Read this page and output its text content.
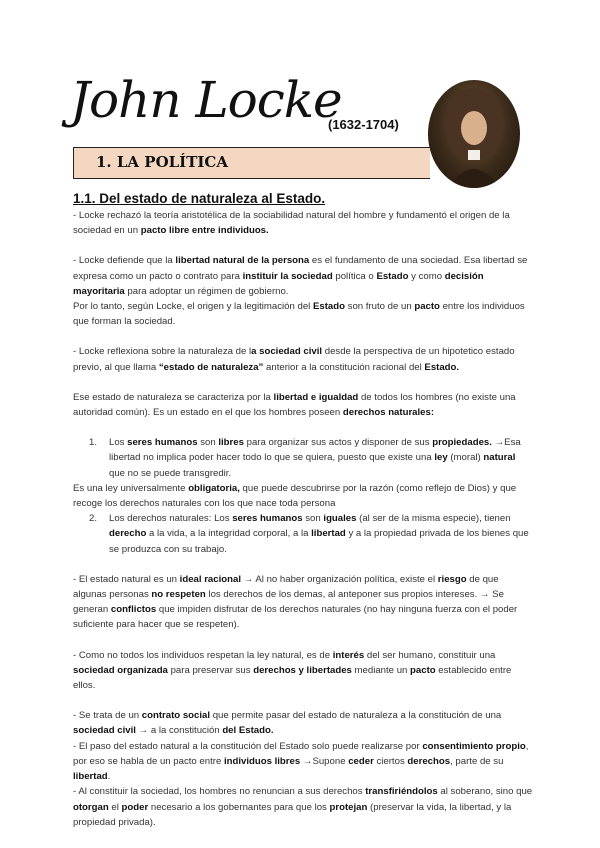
John Locke
(1632-1704)
1. LA POLÍTICA
1.1. Del estado de naturaleza al Estado.

- Locke rechazó la teoría aristotélica de la sociabilidad natural del hombre y fundamentó el origen de la sociedad en un pacto libre entre individuos.

- Locke defiende que la libertad natural de la persona es el fundamento de una sociedad. Esa libertad se expresa como un pacto o contrato para instituir la sociedad política o Estado y como decisión mayoritaria para adoptar un régimen de gobierno.

Por lo tanto, según Locke, el origen y la legitimación del Estado son fruto de un pacto entre los individuos que forman la sociedad.

- Locke reflexiona sobre la naturaleza de la sociedad civil desde la perspectiva de un hipotetico estado previo, al que llama “estado de naturaleza” anterior a la constitución racional del Estado.

Ese estado de naturaleza se caracteriza por la libertad e igualdad de todos los hombres (no existe una autoridad común). Es un estado en el que los hombres poseen derechos naturales:

1. Los seres humanos son libres para organizar sus actos y disponer de sus propiedades. →Esa libertad no implica poder hacer todo lo que se quiera, puesto que existe una ley (moral) natural que no se puede transgredir.

Es una ley universalmente obligatoria, que puede descubrirse por la razón (como reflejo de Dios) y que recoge los derechos naturales con los que nace toda persona

2. Los derechos naturales: Los seres humanos son iguales (al ser de la misma especie), tienen derecho a la vida, a la integridad corporal, a la libertad y a la propiedad privada de los bienes que se produzca con su trabajo.

- El estado natural es un ideal racional → Al no haber organización política, existe el riesgo de que algunas personas no respeten los derechos de los demas, al anteponer sus propios intereses. → Se generan conflictos que impiden disfrutar de los derechos naturales (no hay ninguna fuerza con el poder suficiente para hacer que se respeten).

- Como no todos los individuos respetan la ley natural, es de interés del ser humano, constituir una sociedad organizada para preservar sus derechos y libertades mediante un pacto establecido entre ellos.

- Se trata de un contrato social que permite pasar del estado de naturaleza a la constitución de una sociedad civil → a la constitución del Estado.

- El paso del estado natural a la constitución del Estado solo puede realizarse por consentimiento propio, por eso se habla de un pacto entre individuos libres →Supone ceder ciertos derechos, parte de su libertad.

- Al constituir la sociedad, los hombres no renuncian a sus derechos transfiriéndolos al soberano, sino que otorgan el poder necesario a los gobernantes para que los protejan (preservar la vida, la libertad, y la propiedad privada).
